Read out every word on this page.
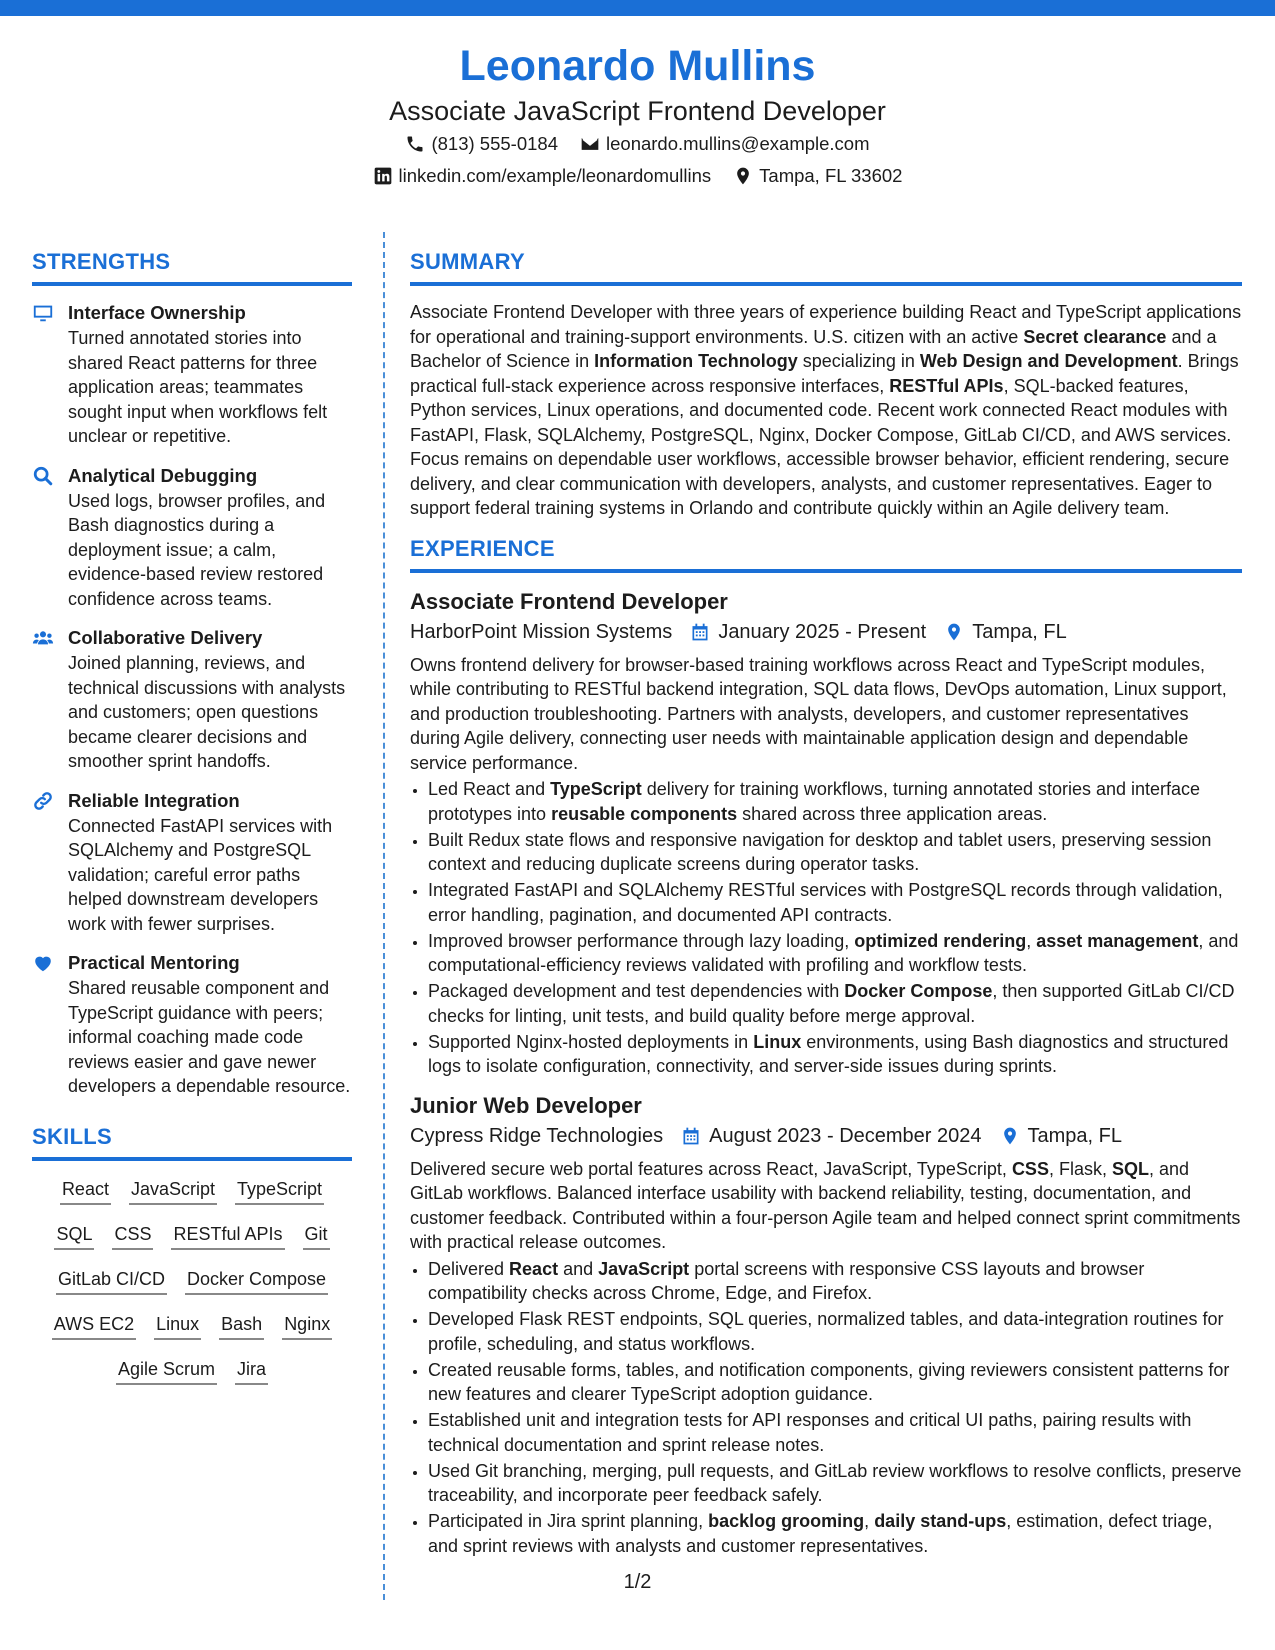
Leonardo Mullins
Associate JavaScript Frontend Developer
(813) 555-0184	leonardo.mullins@example.com
linkedin.com/example/leonardomullins	Tampa, FL 33602
STRENGTHS
Interface Ownership
Turned annotated stories into shared React patterns for three application areas; teammates sought input when workflows felt unclear or repetitive.
Analytical Debugging
Used logs, browser profiles, and Bash diagnostics during a deployment issue; a calm, evidence-based review restored confidence across teams.
Collaborative Delivery
Joined planning, reviews, and technical discussions with analysts and customers; open questions became clearer decisions and smoother sprint handoffs.
Reliable Integration
Connected FastAPI services with SQLAlchemy and PostgreSQL validation; careful error paths helped downstream developers work with fewer surprises.
Practical Mentoring
Shared reusable component and TypeScript guidance with peers; informal coaching made code reviews easier and gave newer developers a dependable resource.
SKILLS
React JavaScript TypeScript
SQL CSS RESTful APIs Git
GitLab CI/CD Docker Compose
AWS EC2 Linux Bash Nginx
Agile Scrum Jira
SUMMARY

Associate Frontend Developer with three years of experience building React and TypeScript applications for operational and training-support environments. U.S. citizen with an active Secret clearance and a Bachelor of Science in Information Technology specializing in Web Design and Development. Brings practical full-stack experience across responsive interfaces, RESTful APIs, SQL-backed features, Python services, Linux operations, and documented code. Recent work connected React modules with FastAPI, Flask, SQLAlchemy, PostgreSQL, Nginx, Docker Compose, GitLab CI/CD, and AWS services. Focus remains on dependable user workflows, accessible browser behavior, efficient rendering, secure delivery, and clear communication with developers, analysts, and customer representatives. Eager to support federal training systems in Orlando and contribute quickly within an Agile delivery team.

EXPERIENCE
Associate Frontend Developer
HarborPoint Mission Systems January 2025 - Present Tampa, FL

Owns frontend delivery for browser-based training workflows across React and TypeScript modules, while contributing to RESTful backend integration, SQL data flows, DevOps automation, Linux support, and production troubleshooting. Partners with analysts, developers, and customer representatives during Agile delivery, connecting user needs with maintainable application design and dependable service performance.

• Led React and TypeScript delivery for training workflows, turning annotated stories and interface prototypes into reusable components shared across three application areas.
• Built Redux state flows and responsive navigation for desktop and tablet users, preserving session context and reducing duplicate screens during operator tasks.
• Integrated FastAPI and SQLAlchemy RESTful services with PostgreSQL records through validation, error handling, pagination, and documented API contracts.
• Improved browser performance through lazy loading, optimized rendering, asset management, and computational-efficiency reviews validated with profiling and workflow tests.
• Packaged development and test dependencies with Docker Compose, then supported GitLab CI/CD checks for linting, unit tests, and build quality before merge approval.
• Supported Nginx-hosted deployments in Linux environments, using Bash diagnostics and structured logs to isolate configuration, connectivity, and server-side issues during sprints.
Junior Web Developer
Cypress Ridge Technologies August 2023 - December 2024 Tampa, FL

Delivered secure web portal features across React, JavaScript, TypeScript, CSS, Flask, SQL, and GitLab workflows. Balanced interface usability with backend reliability, testing, documentation, and customer feedback. Contributed within a four-person Agile team and helped connect sprint commitments with practical release outcomes.

• Delivered React and JavaScript portal screens with responsive CSS layouts and browser compatibility checks across Chrome, Edge, and Firefox.
• Developed Flask REST endpoints, SQL queries, normalized tables, and data-integration routines for profile, scheduling, and status workflows.
• Created reusable forms, tables, and notification components, giving reviewers consistent patterns for new features and clearer TypeScript adoption guidance.
• Established unit and integration tests for API responses and critical UI paths, pairing results with technical documentation and sprint release notes.
• Used Git branching, merging, pull requests, and GitLab review workflows to resolve conflicts, preserve traceability, and incorporate peer feedback safely.
• Participated in Jira sprint planning, backlog grooming, daily stand-ups, estimation, defect triage, and sprint reviews with analysts and customer representatives.
1/2
